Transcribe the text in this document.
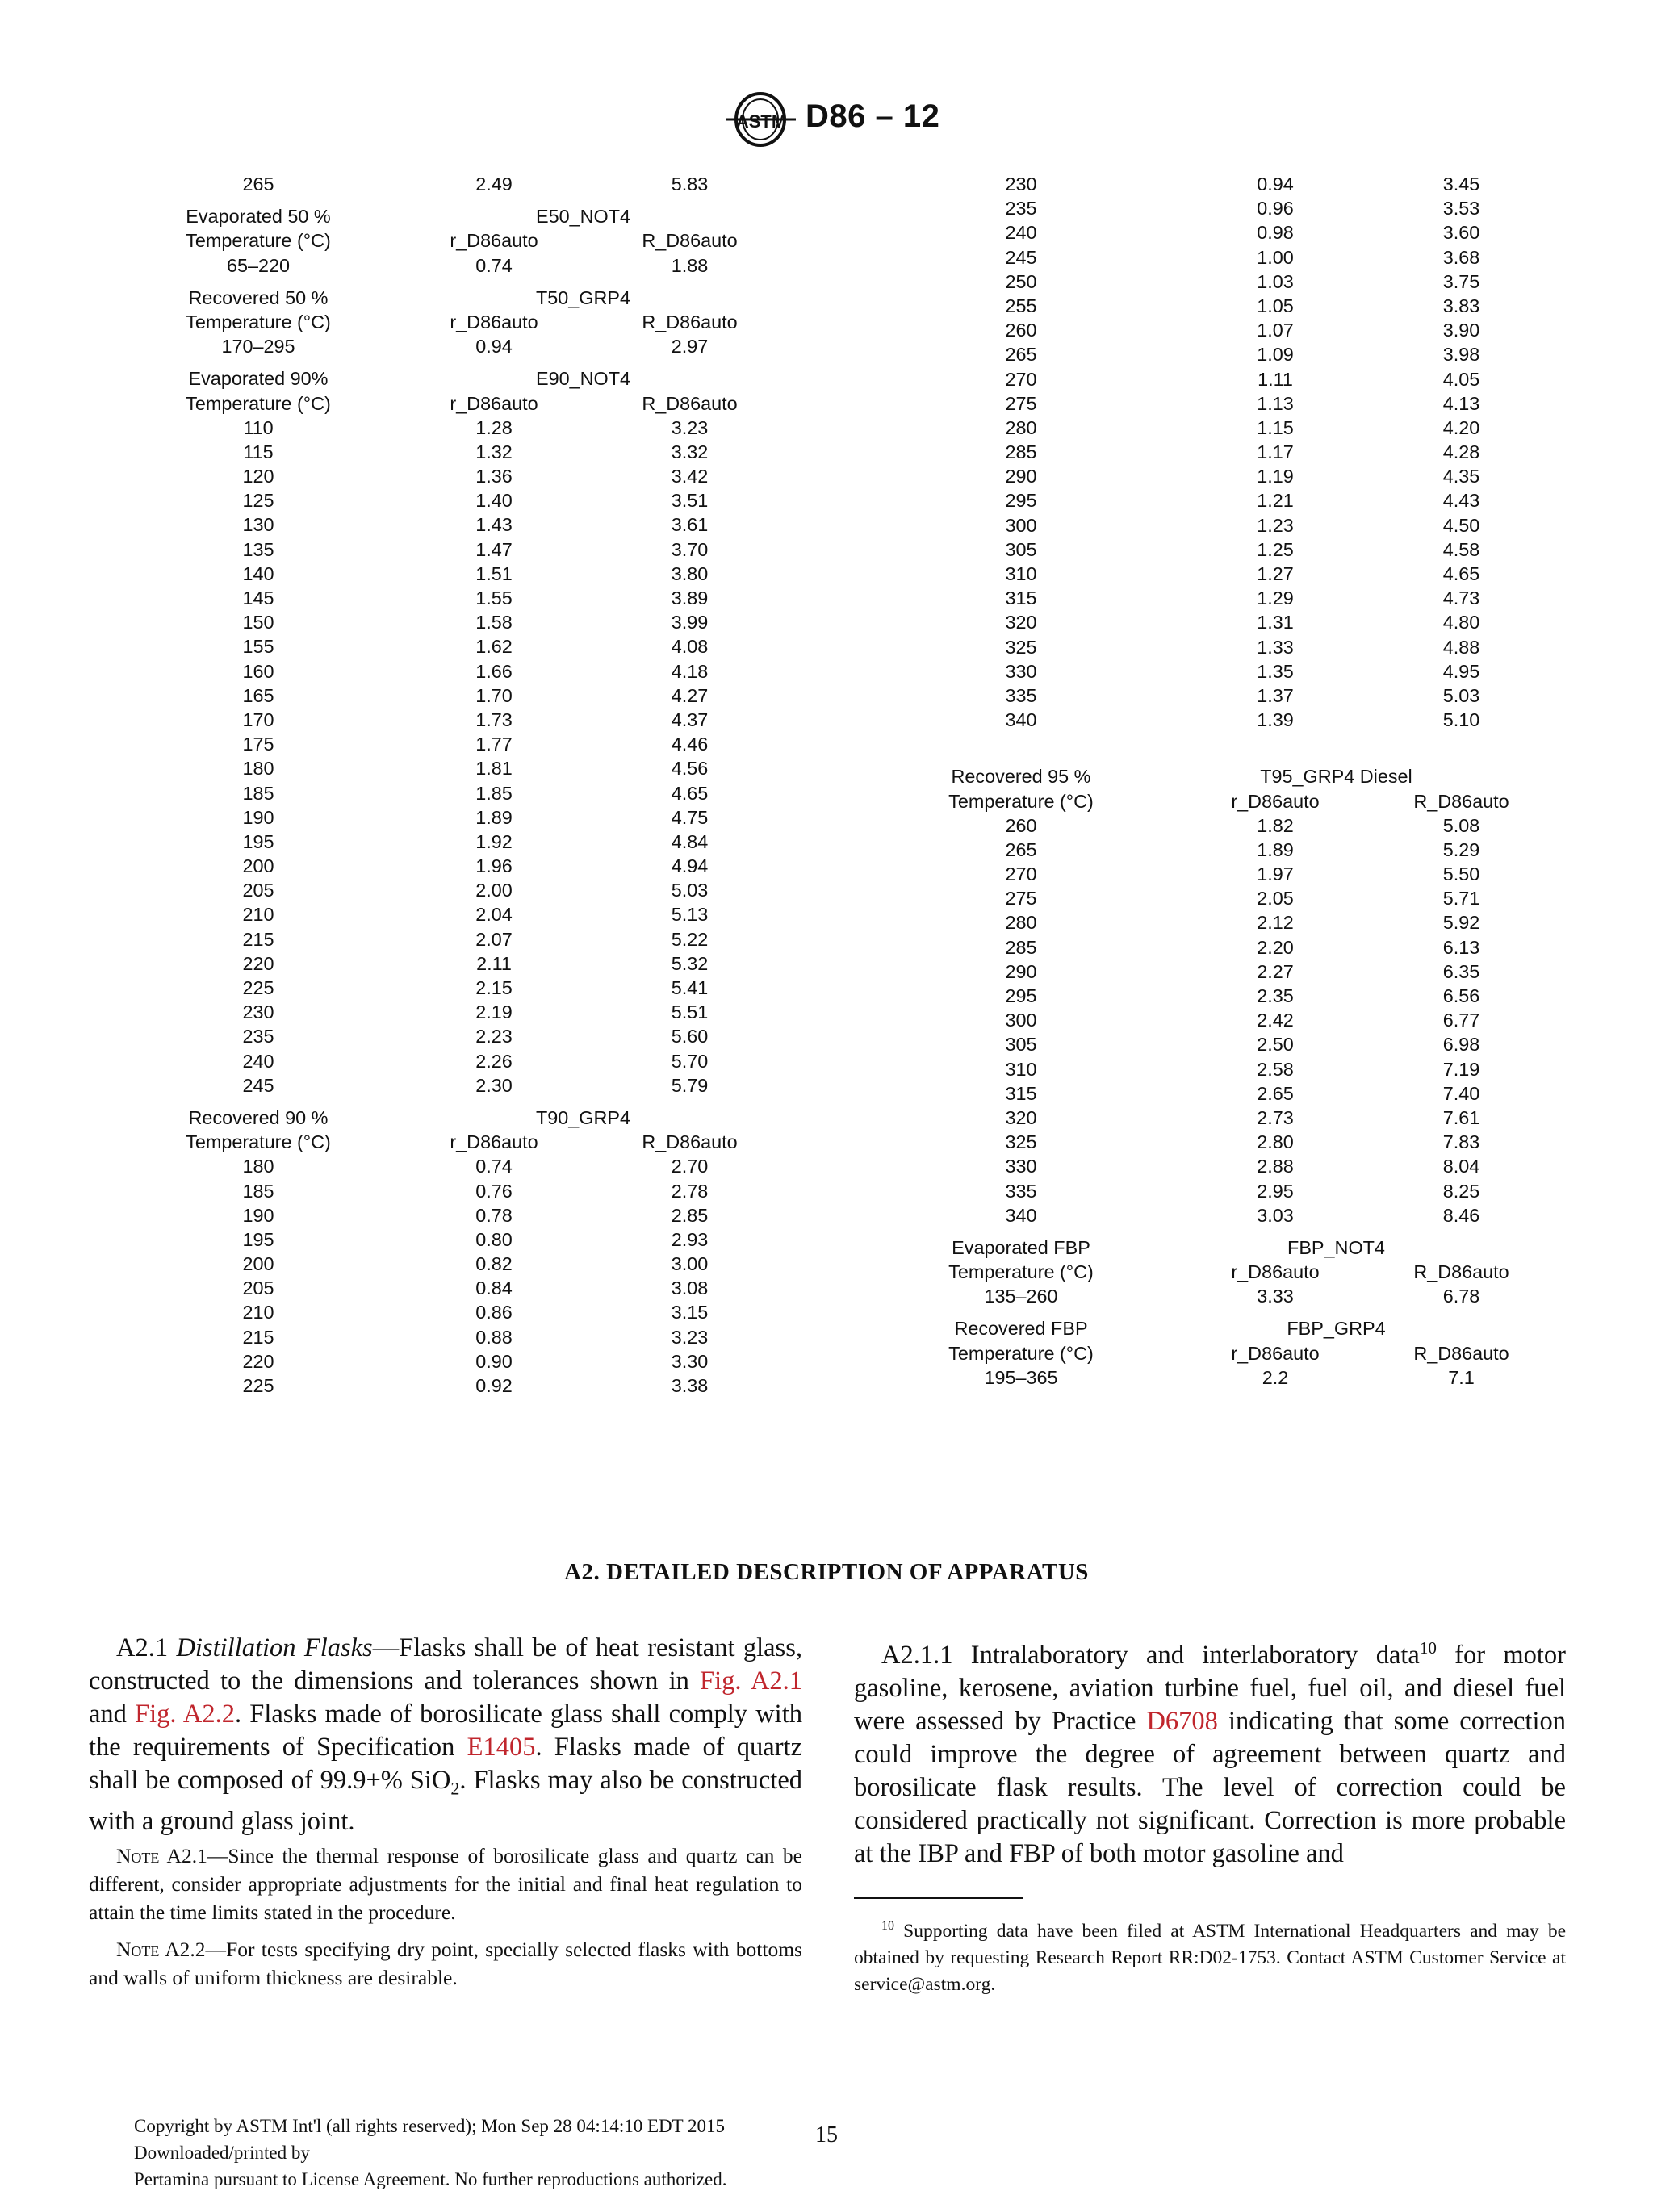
ASTM D86 – 12
265	2.49	5.83
Evaporated 50 %	E50_NOT4
Temperature (°C)	r_D86auto	R_D86auto
65–220	0.74	1.88
Recovered 50 %	T50_GRP4
Temperature (°C)	r_D86auto	R_D86auto
170–295	0.94	2.97
Evaporated 90%	E90_NOT4
Temperature (°C)	r_D86auto	R_D86auto
110	1.28	3.23
115	1.32	3.32
120	1.36	3.42
125	1.40	3.51
130	1.43	3.61
135	1.47	3.70
140	1.51	3.80
145	1.55	3.89
150	1.58	3.99
155	1.62	4.08
160	1.66	4.18
165	1.70	4.27
170	1.73	4.37
175	1.77	4.46
180	1.81	4.56
185	1.85	4.65
190	1.89	4.75
195	1.92	4.84
200	1.96	4.94
205	2.00	5.03
210	2.04	5.13
215	2.07	5.22
220	2.11	5.32
225	2.15	5.41
230	2.19	5.51
235	2.23	5.60
240	2.26	5.70
245	2.30	5.79
Recovered 90 %	T90_GRP4
Temperature (°C)	r_D86auto	R_D86auto
180	0.74	2.70
185	0.76	2.78
190	0.78	2.85
195	0.80	2.93
200	0.82	3.00
205	0.84	3.08
210	0.86	3.15
215	0.88	3.23
220	0.90	3.30
225	0.92	3.38
230	0.94	3.45
235	0.96	3.53
240	0.98	3.60
245	1.00	3.68
250	1.03	3.75
255	1.05	3.83
260	1.07	3.90
265	1.09	3.98
270	1.11	4.05
275	1.13	4.13
280	1.15	4.20
285	1.17	4.28
290	1.19	4.35
295	1.21	4.43
300	1.23	4.50
305	1.25	4.58
310	1.27	4.65
315	1.29	4.73
320	1.31	4.80
325	1.33	4.88
330	1.35	4.95
335	1.37	5.03
340	1.39	5.10
Recovered 95 %	T95_GRP4 Diesel
Temperature (°C)	r_D86auto	R_D86auto
260	1.82	5.08
265	1.89	5.29
270	1.97	5.50
275	2.05	5.71
280	2.12	5.92
285	2.20	6.13
290	2.27	6.35
295	2.35	6.56
300	2.42	6.77
305	2.50	6.98
310	2.58	7.19
315	2.65	7.40
320	2.73	7.61
325	2.80	7.83
330	2.88	8.04
335	2.95	8.25
340	3.03	8.46
Evaporated FBP	FBP_NOT4
Temperature (°C)	r_D86auto	R_D86auto
135–260	3.33	6.78
Recovered FBP	FBP_GRP4
Temperature (°C)	r_D86auto	R_D86auto
195–365	2.2	7.1
A2. DETAILED DESCRIPTION OF APPARATUS
A2.1 Distillation Flasks—Flasks shall be of heat resistant glass, constructed to the dimensions and tolerances shown in Fig. A2.1 and Fig. A2.2. Flasks made of borosilicate glass shall comply with the requirements of Specification E1405. Flasks made of quartz shall be composed of 99.9+% SiO$_2$. Flasks may also be constructed with a ground glass joint.
Note A2.1—Since the thermal response of borosilicate glass and quartz can be different, consider appropriate adjustments for the initial and final heat regulation to attain the time limits stated in the procedure.
Note A2.2—For tests specifying dry point, specially selected flasks with bottoms and walls of uniform thickness are desirable.
A2.1.1 Intralaboratory and interlaboratory data$^{10}$ for motor gasoline, kerosene, aviation turbine fuel, fuel oil, and diesel fuel were assessed by Practice D6708 indicating that some correction could improve the degree of agreement between quartz and borosilicate flask results. The level of correction could be considered practically not significant. Correction is more probable at the IBP and FBP of both motor gasoline and
$^{10}$ Supporting data have been filed at ASTM International Headquarters and may be obtained by requesting Research Report RR:D02-1753. Contact ASTM Customer Service at service@astm.org.
Copyright by ASTM Int'l (all rights reserved); Mon Sep 28 04:14:10 EDT 2015
Downloaded/printed by
Pertamina pursuant to License Agreement. No further reproductions authorized.
15
